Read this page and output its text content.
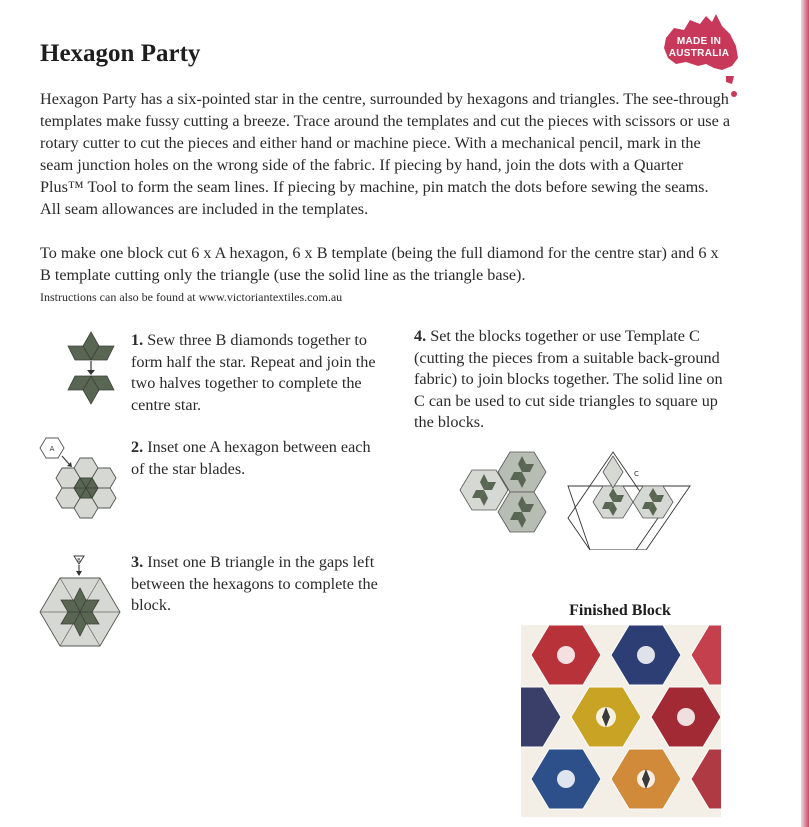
Hexagon Party	MADE IN
AUSTRALIA
Hexagon Party has a six-pointed star in the centre, surrounded by hexagons and triangles. The see-through templates make fussy cutting a breeze. Trace around the templates and cut the pieces with scissors or use a rotary cutter to cut the pieces and either hand or machine piece. With a mechanical pencil, mark in the seam junction holes on the wrong side of the fabric. If piecing by hand, join the dots with a Quarter Plus™ Tool to form the seam lines. If piecing by machine, pin match the dots before sewing the seams. All seam allowances are included in the templates.
To make one block cut 6 x A hexagon, 6 x B template (being the full diamond for the centre star) and 6 x B template cutting only the triangle (use the solid line as the triangle base).
Instructions can also be found at www.victoriantextiles.com.au
1. Sew three B diamonds together to form half the star. Repeat and join the two halves together to complete the centre star.
A	2. Inset one A hexagon between each of the star blades.
B	3. Inset one B triangle in the gaps left between the hexagons to complete the block.
4. Set the blocks together or use Template C (cutting the pieces from a suitable back-ground fabric) to join blocks together. The solid line on C can be used to cut side triangles to square up the blocks.
C
Finished Block
